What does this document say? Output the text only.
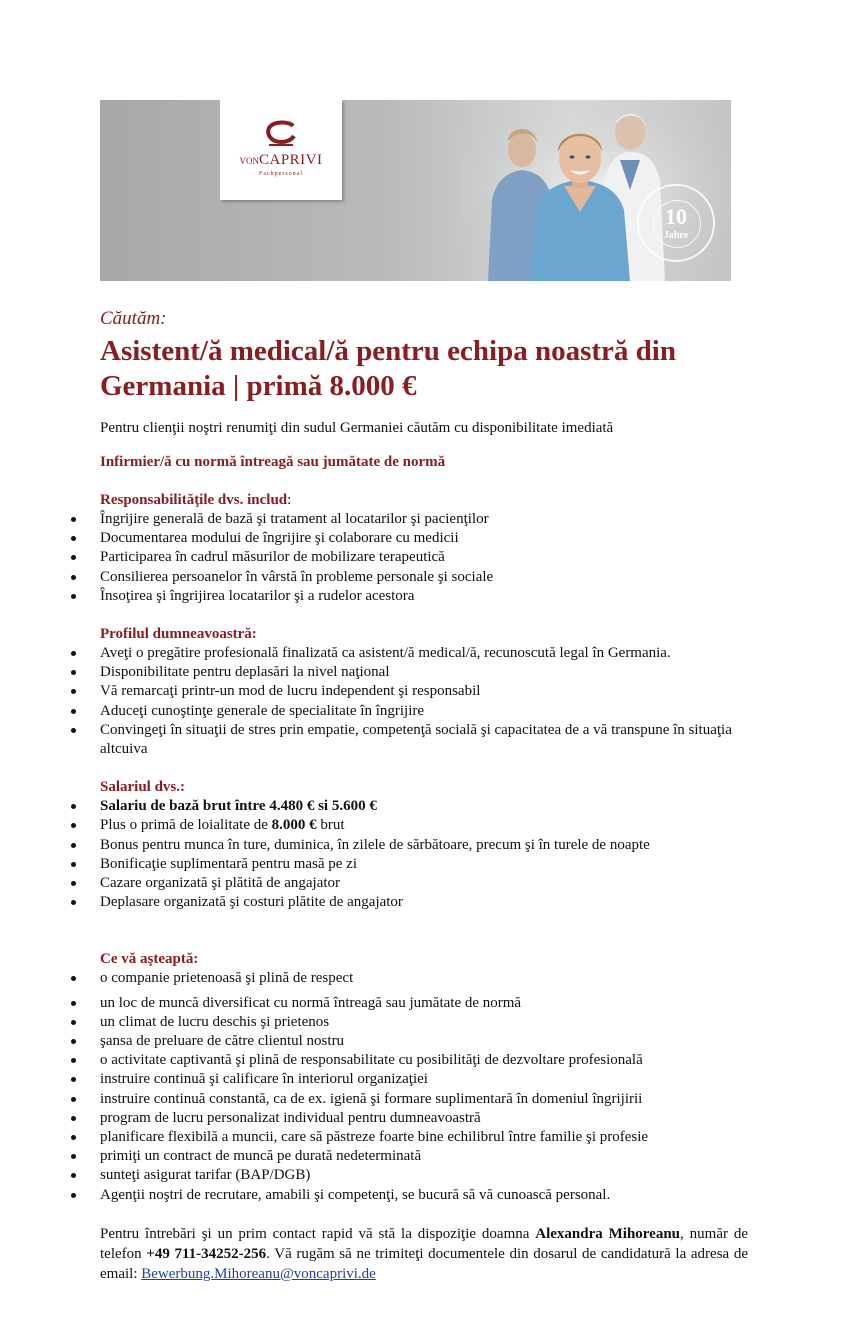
VONCAPRIVI
Fachpersonal
10
Jahre

Căutăm:

Asistent/ă medical/ă pentru echipa noastră din Germania | primă 8.000 €

Pentru clienţii noştri renumiţi din sudul Germaniei căutăm cu disponibilitate imediată

Infirmier/ă cu normă întreagă sau jumătate de normă

Responsabilităţile dvs. includ:

Îngrijire generală de bază şi tratament al locatarilor şi pacienţilor
Documentarea modului de îngrijire şi colaborare cu medicii
Participarea în cadrul măsurilor de mobilizare terapeutică
Consilierea persoanelor în vârstă în probleme personale şi sociale
Însoţirea şi îngrijirea locatarilor şi a rudelor acestora

Profilul dumneavoastră:

Aveţi o pregătire profesională finalizată ca asistent/ă medical/ă, recunoscută legal în Germania.
Disponibilitate pentru deplasări la nivel naţional
Vă remarcaţi printr-un mod de lucru independent şi responsabil
Aduceţi cunoştinţe generale de specialitate în îngrijire
Convingeţi în situaţii de stres prin empatie, competenţă socială şi capacitatea de a vă transpune în situaţia altcuiva

Salariul dvs.:

Salariu de bază brut între 4.480 € si 5.600 €
Plus o primă de loialitate de 8.000 € brut
Bonus pentru munca în ture, duminica, în zilele de sărbătoare, precum şi în turele de noapte
Bonificaţie suplimentară pentru masă pe zi
Cazare organizată şi plătită de angajator
Deplasare organizată şi costuri plătite de angajator

Ce vă aşteaptă:

o companie prietenoasă şi plină de respect
un loc de muncă diversificat cu normă întreagă sau jumătate de normă
un climat de lucru deschis şi prietenos
şansa de preluare de către clientul nostru
o activitate captivantă şi plină de responsabilitate cu posibilităţi de dezvoltare profesională
instruire continuă şi calificare în interiorul organizaţiei
instruire continuă constantă, ca de ex. igienă şi formare suplimentară în domeniul îngrijirii
program de lucru personalizat individual pentru dumneavoastră
planificare flexibilă a muncii, care să păstreze foarte bine echilibrul între familie şi profesie
primiţi un contract de muncă pe durată nedeterminată
sunteţi asigurat tarifar (BAP/DGB)
Agenţii noştri de recrutare, amabili şi competenţi, se bucură să vă cunoască personal.

Pentru întrebări şi un prim contact rapid vă stă la dispoziţie doamna Alexandra Mihoreanu, număr de telefon +49 711-34252-256. Vă rugăm să ne trimiteţi documentele din dosarul de candidatură la adresa de email: Bewerbung.Mihoreanu@voncaprivi.de
